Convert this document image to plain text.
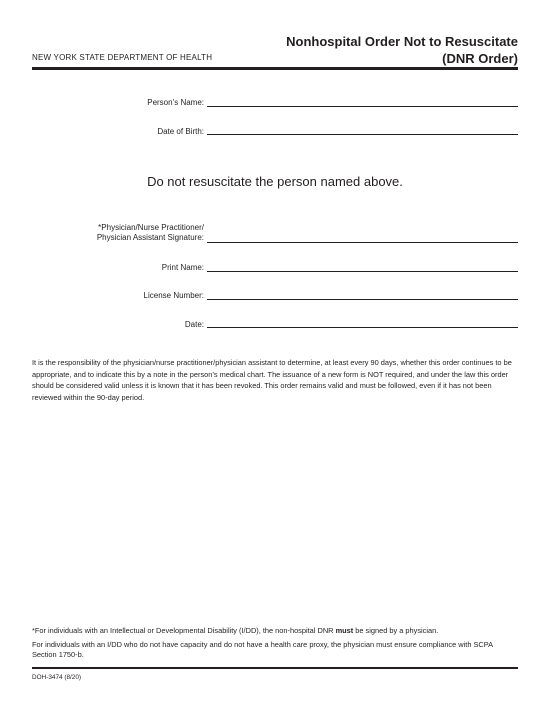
NEW YORK STATE DEPARTMENT OF HEALTH
Nonhospital Order Not to Resuscitate
(DNR Order)
Person’s Name:
Date of Birth:
Do not resuscitate the person named above.
*Physician/Nurse Practitioner/
Physician Assistant Signature:
Print Name:
License Number:
Date:
It is the responsibility of the physician/nurse practitioner/physician assistant to determine, at least every 90 days, whether this order continues to be appropriate, and to indicate this by a note in the person’s medical chart. The issuance of a new form is NOT required, and under the law this order should be considered valid unless it is known that it has been revoked. This order remains valid and must be followed, even if it has not been reviewed within the 90-day period.
*For individuals with an Intellectual or Developmental Disability (I/DD), the non-hospital DNR must be signed by a physician.
For individuals with an I/DD who do not have capacity and do not have a health care proxy, the physician must ensure compliance with SCPA Section 1750-b.
DOH-3474 (8/20)
